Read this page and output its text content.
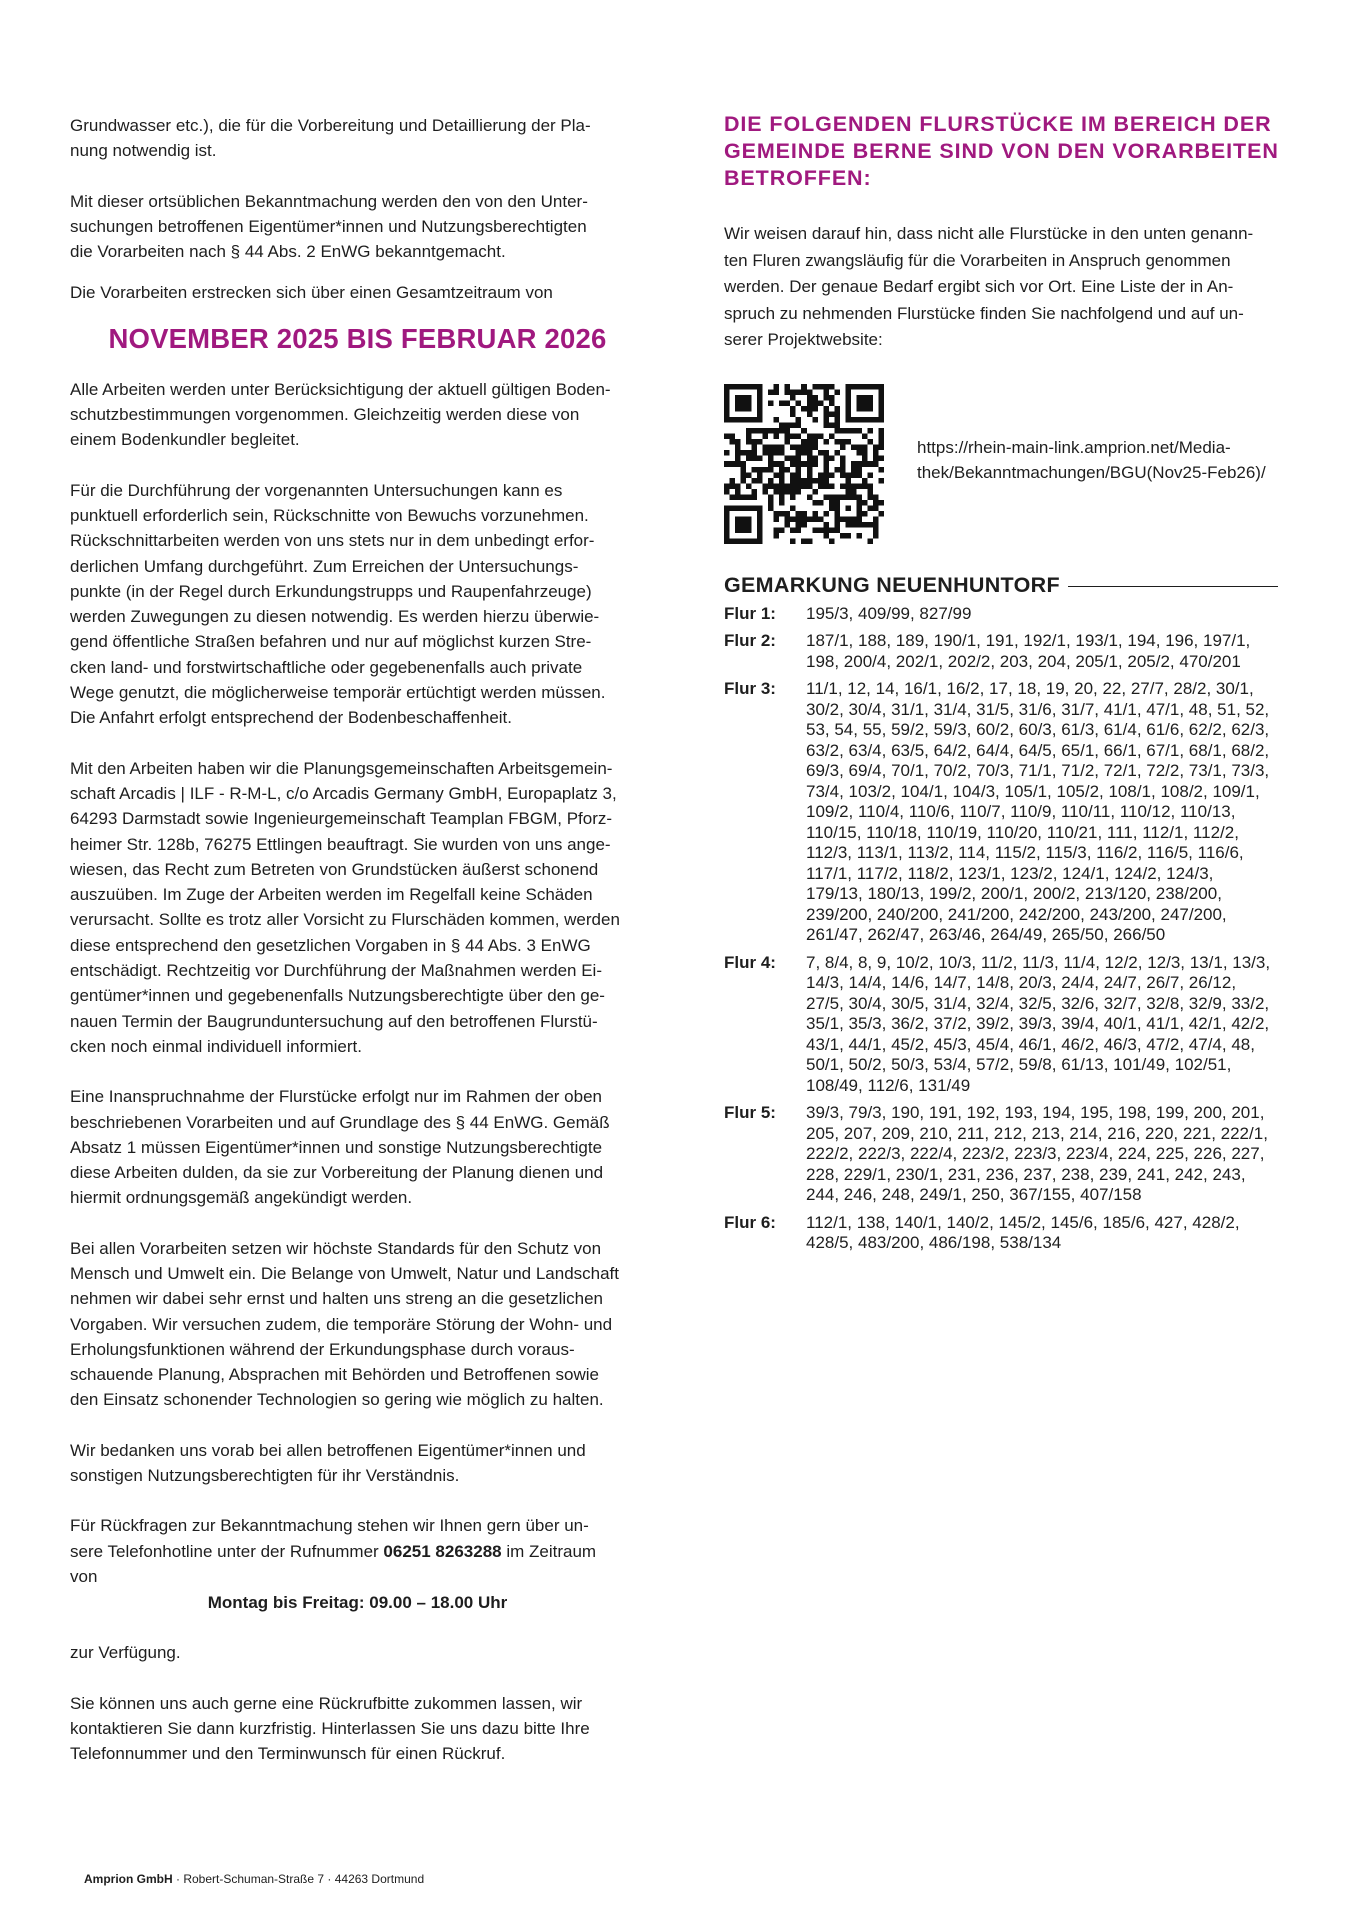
Grundwasser etc.), die für die Vorbereitung und Detaillierung der Pla-
nung notwendig ist.

Mit dieser ortsüblichen Bekanntmachung werden den von den Unter-
suchungen betroffenen Eigentümer*innen und Nutzungsberechtigten
die Vorarbeiten nach § 44 Abs. 2 EnWG bekanntgemacht.

Die Vorarbeiten erstrecken sich über einen Gesamtzeitraum von

NOVEMBER 2025 BIS FEBRUAR 2026

Alle Arbeiten werden unter Berücksichtigung der aktuell gültigen Boden-
schutzbestimmungen vorgenommen. Gleichzeitig werden diese von
einem Bodenkundler begleitet.

Für die Durchführung der vorgenannten Untersuchungen kann es
punktuell erforderlich sein, Rückschnitte von Bewuchs vorzunehmen.
Rückschnittarbeiten werden von uns stets nur in dem unbedingt erfor-
derlichen Umfang durchgeführt. Zum Erreichen der Untersuchungs-
punkte (in der Regel durch Erkundungstrupps und Raupenfahrzeuge)
werden Zuwegungen zu diesen notwendig. Es werden hierzu überwie-
gend öffentliche Straßen befahren und nur auf möglichst kurzen Stre-
cken land- und forstwirtschaftliche oder gegebenenfalls auch private
Wege genutzt, die möglicherweise temporär ertüchtigt werden müssen.
Die Anfahrt erfolgt entsprechend der Bodenbeschaffenheit.

Mit den Arbeiten haben wir die Planungsgemeinschaften Arbeitsgemein-
schaft Arcadis | ILF - R-M-L, c/o Arcadis Germany GmbH, Europaplatz 3,
64293 Darmstadt sowie Ingenieurgemeinschaft Teamplan FBGM, Pforz-
heimer Str. 128b, 76275 Ettlingen beauftragt. Sie wurden von uns ange-
wiesen, das Recht zum Betreten von Grundstücken äußerst schonend
auszuüben. Im Zuge der Arbeiten werden im Regelfall keine Schäden
verursacht. Sollte es trotz aller Vorsicht zu Flurschäden kommen, werden
diese entsprechend den gesetzlichen Vorgaben in § 44 Abs. 3 EnWG
entschädigt. Rechtzeitig vor Durchführung der Maßnahmen werden Ei-
gentümer*innen und gegebenenfalls Nutzungsberechtigte über den ge-
nauen Termin der Baugrunduntersuchung auf den betroffenen Flurstü-
cken noch einmal individuell informiert.

Eine Inanspruchnahme der Flurstücke erfolgt nur im Rahmen der oben
beschriebenen Vorarbeiten und auf Grundlage des § 44 EnWG. Gemäß
Absatz 1 müssen Eigentümer*innen und sonstige Nutzungsberechtigte
diese Arbeiten dulden, da sie zur Vorbereitung der Planung dienen und
hiermit ordnungsgemäß angekündigt werden.

Bei allen Vorarbeiten setzen wir höchste Standards für den Schutz von
Mensch und Umwelt ein. Die Belange von Umwelt, Natur und Landschaft
nehmen wir dabei sehr ernst und halten uns streng an die gesetzlichen
Vorgaben. Wir versuchen zudem, die temporäre Störung der Wohn- und
Erholungsfunktionen während der Erkundungsphase durch voraus-
schauende Planung, Absprachen mit Behörden und Betroffenen sowie
den Einsatz schonender Technologien so gering wie möglich zu halten.

Wir bedanken uns vorab bei allen betroffenen Eigentümer*innen und
sonstigen Nutzungsberechtigten für ihr Verständnis.

Für Rückfragen zur Bekanntmachung stehen wir Ihnen gern über un-
sere Telefonhotline unter der Rufnummer 06251 8263288 im Zeitraum
von

Montag bis Freitag: 09.00 – 18.00 Uhr

zur Verfügung.

Sie können uns auch gerne eine Rückrufbitte zukommen lassen, wir
kontaktieren Sie dann kurzfristig. Hinterlassen Sie uns dazu bitte Ihre
Telefonnummer und den Terminwunsch für einen Rückruf.

DIE FOLGENDEN FLURSTÜCKE IM BEREICH DER
GEMEINDE BERNE SIND VON DEN VORARBEITEN
BETROFFEN:

Wir weisen darauf hin, dass nicht alle Flurstücke in den unten genann-
ten Fluren zwangsläufig für die Vorarbeiten in Anspruch genommen
werden. Der genaue Bedarf ergibt sich vor Ort. Eine Liste der in An-
spruch zu nehmenden Flurstücke finden Sie nachfolgend und auf un-
serer Projektwebsite:

https://rhein-main-link.amprion.net/Media-
thek/Bekanntmachungen/BGU(Nov25-Feb26)/

GEMARKUNG NEUENHUNTORF
Flur 1:	195/3, 409/99, 827/99
Flur 2:	187/1, 188, 189, 190/1, 191, 192/1, 193/1, 194, 196, 197/1,
198, 200/4, 202/1, 202/2, 203, 204, 205/1, 205/2, 470/201
Flur 3:	11/1, 12, 14, 16/1, 16/2, 17, 18, 19, 20, 22, 27/7, 28/2, 30/1,
30/2, 30/4, 31/1, 31/4, 31/5, 31/6, 31/7, 41/1, 47/1, 48, 51, 52,
53, 54, 55, 59/2, 59/3, 60/2, 60/3, 61/3, 61/4, 61/6, 62/2, 62/3,
63/2, 63/4, 63/5, 64/2, 64/4, 64/5, 65/1, 66/1, 67/1, 68/1, 68/2,
69/3, 69/4, 70/1, 70/2, 70/3, 71/1, 71/2, 72/1, 72/2, 73/1, 73/3,
73/4, 103/2, 104/1, 104/3, 105/1, 105/2, 108/1, 108/2, 109/1,
109/2, 110/4, 110/6, 110/7, 110/9, 110/11, 110/12, 110/13,
110/15, 110/18, 110/19, 110/20, 110/21, 111, 112/1, 112/2,
112/3, 113/1, 113/2, 114, 115/2, 115/3, 116/2, 116/5, 116/6,
117/1, 117/2, 118/2, 123/1, 123/2, 124/1, 124/2, 124/3,
179/13, 180/13, 199/2, 200/1, 200/2, 213/120, 238/200,
239/200, 240/200, 241/200, 242/200, 243/200, 247/200,
261/47, 262/47, 263/46, 264/49, 265/50, 266/50
Flur 4:	7, 8/4, 8, 9, 10/2, 10/3, 11/2, 11/3, 11/4, 12/2, 12/3, 13/1, 13/3,
14/3, 14/4, 14/6, 14/7, 14/8, 20/3, 24/4, 24/7, 26/7, 26/12,
27/5, 30/4, 30/5, 31/4, 32/4, 32/5, 32/6, 32/7, 32/8, 32/9, 33/2,
35/1, 35/3, 36/2, 37/2, 39/2, 39/3, 39/4, 40/1, 41/1, 42/1, 42/2,
43/1, 44/1, 45/2, 45/3, 45/4, 46/1, 46/2, 46/3, 47/2, 47/4, 48,
50/1, 50/2, 50/3, 53/4, 57/2, 59/8, 61/13, 101/49, 102/51,
108/49, 112/6, 131/49
Flur 5:	39/3, 79/3, 190, 191, 192, 193, 194, 195, 198, 199, 200, 201,
205, 207, 209, 210, 211, 212, 213, 214, 216, 220, 221, 222/1,
222/2, 222/3, 222/4, 223/2, 223/3, 223/4, 224, 225, 226, 227,
228, 229/1, 230/1, 231, 236, 237, 238, 239, 241, 242, 243,
244, 246, 248, 249/1, 250, 367/155, 407/158
Flur 6:	112/1, 138, 140/1, 140/2, 145/2, 145/6, 185/6, 427, 428/2,
428/5, 483/200, 486/198, 538/134
Amprion GmbH · Robert-Schuman-Straße 7 · 44263 Dortmund
